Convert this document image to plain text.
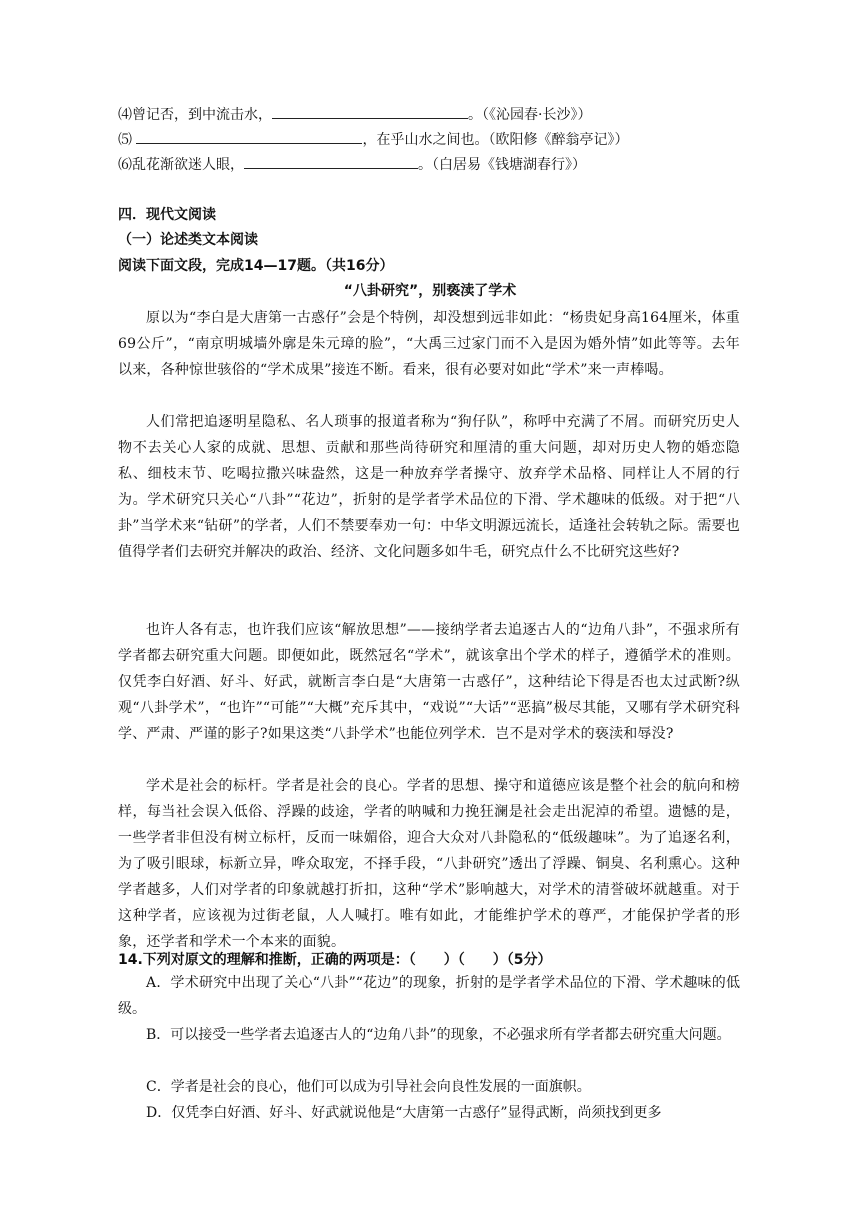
⑷曾记否，到中流击水，	。（《沁园春·长沙》）
⑸	，在乎山水之间也。（欧阳修《醉翁亭记》）
⑹乱花渐欲迷人眼，	。（白居易《钱塘湖春行》）
四．现代文阅读
（一）论述类文本阅读
阅读下面文段，完成14—17题。（共16分）
“八卦研究”，别亵渎了学术
原以为“李白是大唐第一古惑仔”会是个特例，却没想到远非如此：“杨贵妃身高164厘米，体重69公斤”，“南京明城墙外廓是朱元璋的脸”，“大禹三过家门而不入是因为婚外情”如此等等。去年以来，各种惊世骇俗的“学术成果”接连不断。看来，很有必要对如此“学术”来一声棒喝。
人们常把追逐明星隐私、名人琐事的报道者称为“狗仔队”，称呼中充满了不屑。而研究历史人物不去关心人家的成就、思想、贡献和那些尚待研究和厘清的重大问题，却对历史人物的婚恋隐私、细枝末节、吃喝拉撒兴味盎然，这是一种放弃学者操守、放弃学术品格、同样让人不屑的行为。学术研究只关心“八卦”“花边”，折射的是学者学术品位的下滑、学术趣味的低级。对于把“八卦”当学术来“钻研”的学者，人们不禁要奉劝一句：中华文明源远流长，适逢社会转轨之际。需要也值得学者们去研究并解决的政治、经济、文化问题多如牛毛，研究点什么不比研究这些好?
也许人各有志，也许我们应该“解放思想”——接纳学者去追逐古人的“边角八卦”，不强求所有学者都去研究重大问题。即便如此，既然冠名“学术”，就该拿出个学术的样子，遵循学术的准则。仅凭李白好酒、好斗、好武，就断言李白是“大唐第一古惑仔”，这种结论下得是否也太过武断?纵观“八卦学术”，“也许”“可能”“大概”充斥其中，“戏说”“大话”“恶搞”极尽其能，又哪有学术研究科学、严肃、严谨的影子?如果这类“八卦学术”也能位列学术．岂不是对学术的亵渎和辱没?
学术是社会的标杆。学者是社会的良心。学者的思想、操守和道德应该是整个社会的航向和榜样，每当社会误入低俗、浮躁的歧途，学者的呐喊和力挽狂澜是社会走出泥淖的希望。遗憾的是，一些学者非但没有树立标杆，反而一味媚俗，迎合大众对八卦隐私的“低级趣味”。为了追逐名利，为了吸引眼球，标新立异，哗众取宠，不择手段，“八卦研究”透出了浮躁、铜臭、名利熏心。这种学者越多，人们对学者的印象就越打折扣，这种“学术”影响越大，对学术的清誉破坏就越重。对于这种学者，应该视为过街老鼠，人人喊打。唯有如此，才能维护学术的尊严，才能保护学者的形象，还学者和学术一个本来的面貌。
14.下列对原文的理解和推断，正确的两项是：（　　）（　　）（5分）
A．学术研究中出现了关心“八卦”“花边”的现象，折射的是学者学术品位的下滑、学术趣味的低级。
B．可以接受一些学者去追逐古人的“边角八卦”的现象，不必强求所有学者都去研究重大问题。
C．学者是社会的良心，他们可以成为引导社会向良性发展的一面旗帜。
D．仅凭李白好酒、好斗、好武就说他是“大唐第一古惑仔”显得武断，尚须找到更多
